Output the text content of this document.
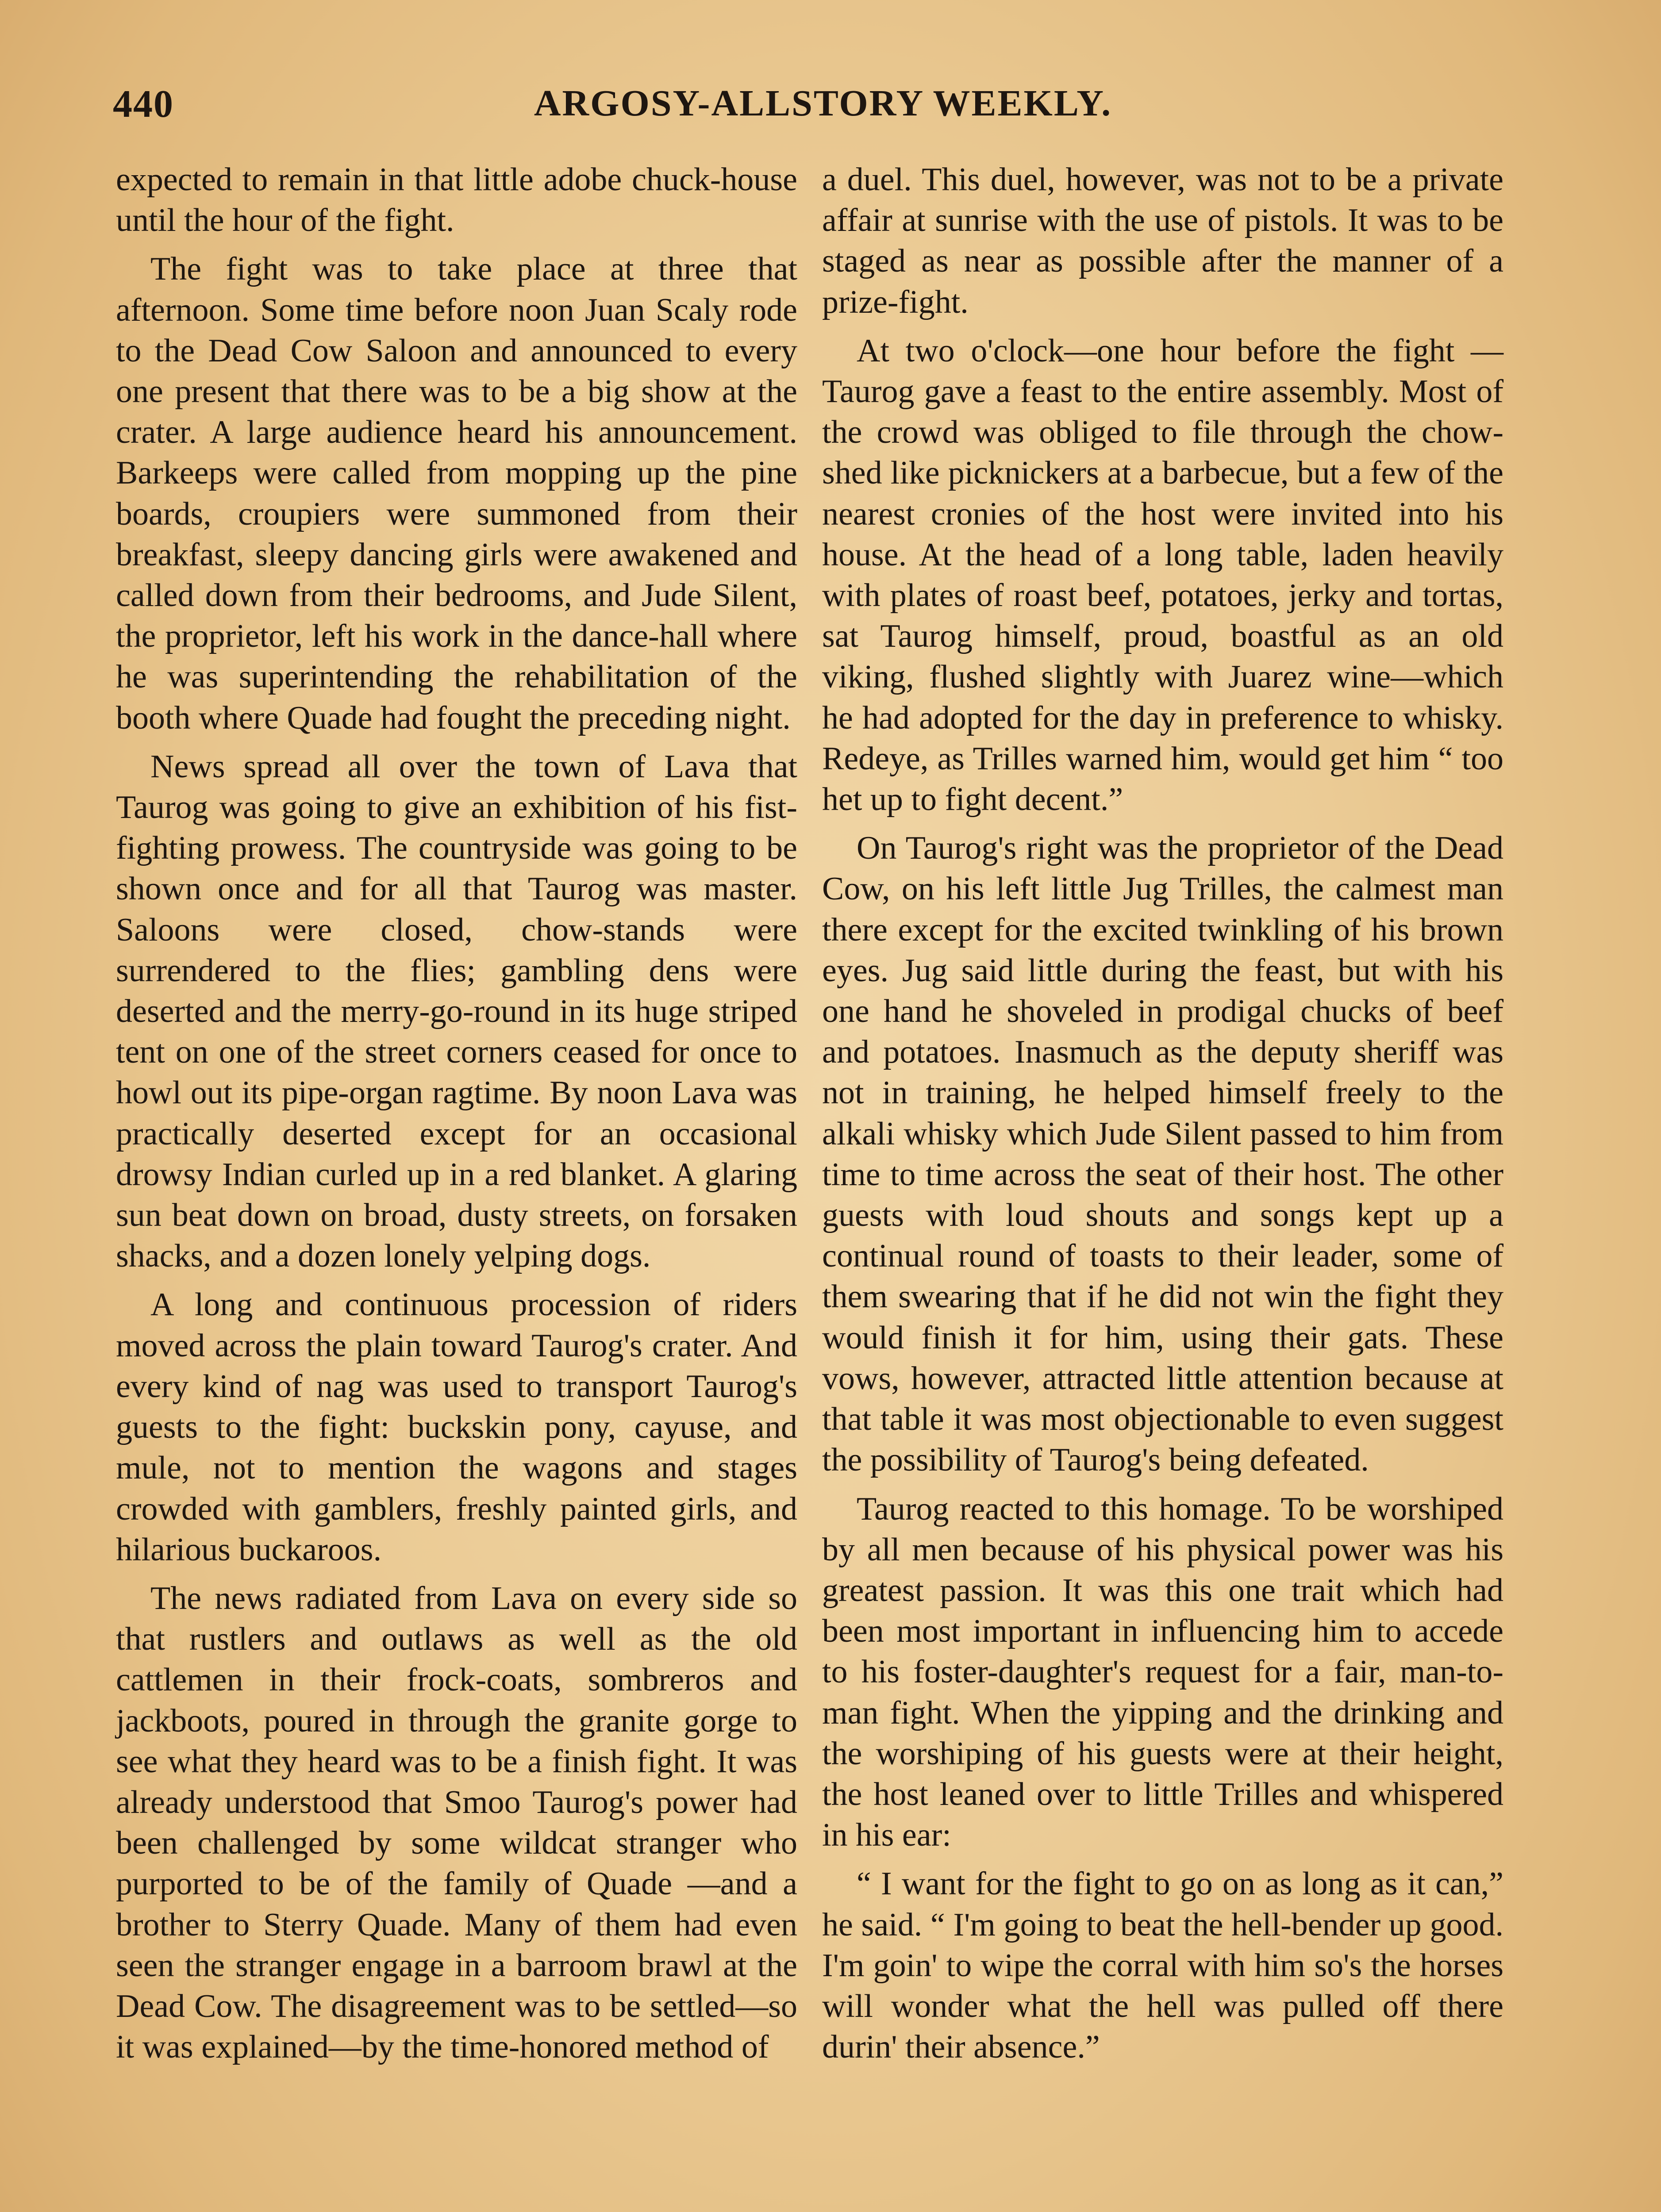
440	ARGOSY-ALLSTORY WEEKLY.

expected to remain in that little adobe chuck-house until the hour of the fight.

The fight was to take place at three that afternoon. Some time before noon Juan Scaly rode to the Dead Cow Saloon and announced to every one present that there was to be a big show at the crater. A large audience heard his announcement. Barkeeps were called from mopping up the pine boards, croupiers were summoned from their breakfast, sleepy dancing girls were awakened and called down from their bedrooms, and Jude Silent, the proprietor, left his work in the dance-hall where he was superintending the rehabilitation of the booth where Quade had fought the preceding night.

News spread all over the town of Lava that Taurog was going to give an exhibition of his fist-fighting prowess. The countryside was going to be shown once and for all that Taurog was master. Saloons were closed, chow-stands were surrendered to the flies; gambling dens were deserted and the merry-go-round in its huge striped tent on one of the street corners ceased for once to howl out its pipe-organ ragtime. By noon Lava was practically deserted except for an occasional drowsy Indian curled up in a red blanket. A glaring sun beat down on broad, dusty streets, on forsaken shacks, and a dozen lonely yelping dogs.

A long and continuous procession of riders moved across the plain toward Taurog's crater. And every kind of nag was used to transport Taurog's guests to the fight: buckskin pony, cayuse, and mule, not to mention the wagons and stages crowded with gamblers, freshly painted girls, and hilarious buckaroos.

The news radiated from Lava on every side so that rustlers and outlaws as well as the old cattlemen in their frock-coats, sombreros and jackboots, poured in through the granite gorge to see what they heard was to be a finish fight. It was already understood that Smoo Taurog's power had been challenged by some wildcat stranger who purported to be of the family of Quade —and a brother to Sterry Quade. Many of them had even seen the stranger engage in a barroom brawl at the Dead Cow. The disagreement was to be settled—so it was explained—by the time-honored method of

a duel. This duel, however, was not to be a private affair at sunrise with the use of pistols. It was to be staged as near as possible after the manner of a prize-fight.

At two o'clock—one hour before the fight —Taurog gave a feast to the entire assembly. Most of the crowd was obliged to file through the chow-shed like picknickers at a barbecue, but a few of the nearest cronies of the host were invited into his house. At the head of a long table, laden heavily with plates of roast beef, potatoes, jerky and tortas, sat Taurog himself, proud, boastful as an old viking, flushed slightly with Juarez wine—which he had adopted for the day in preference to whisky. Redeye, as Trilles warned him, would get him “ too het up to fight decent.”

On Taurog's right was the proprietor of the Dead Cow, on his left little Jug Trilles, the calmest man there except for the excited twinkling of his brown eyes. Jug said little during the feast, but with his one hand he shoveled in prodigal chucks of beef and potatoes. Inasmuch as the deputy sheriff was not in training, he helped himself freely to the alkali whisky which Jude Silent passed to him from time to time across the seat of their host. The other guests with loud shouts and songs kept up a continual round of toasts to their leader, some of them swearing that if he did not win the fight they would finish it for him, using their gats. These vows, however, attracted little attention because at that table it was most objectionable to even suggest the possibility of Taurog's being defeated.

Taurog reacted to this homage. To be worshiped by all men because of his physical power was his greatest passion. It was this one trait which had been most important in influencing him to accede to his foster-daughter's request for a fair, man-to-man fight. When the yipping and the drinking and the worshiping of his guests were at their height, the host leaned over to little Trilles and whispered in his ear:

“ I want for the fight to go on as long as it can,” he said. “ I'm going to beat the hell-bender up good. I'm goin' to wipe the corral with him so's the horses will wonder what the hell was pulled off there durin' their absence.”
